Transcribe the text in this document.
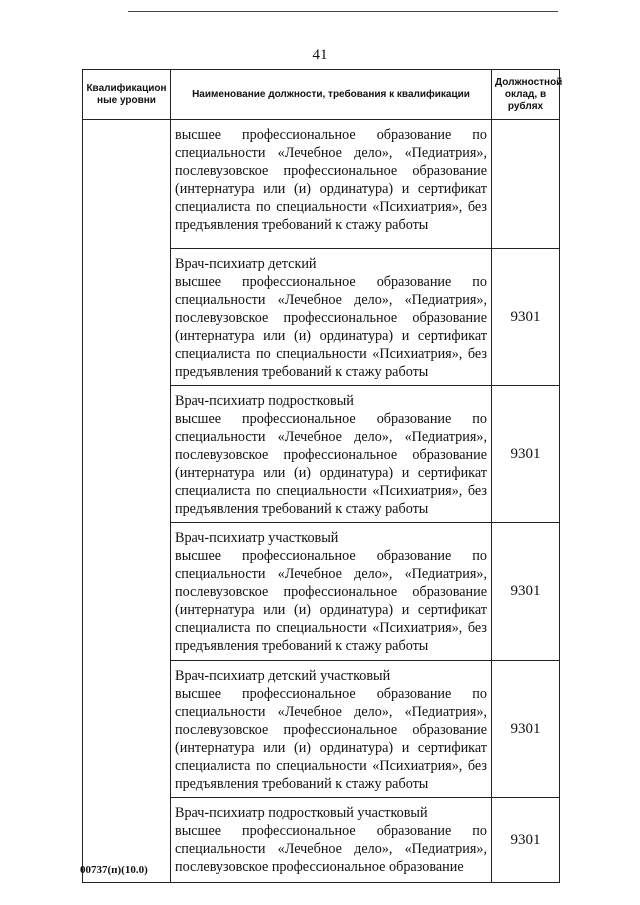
41
Квалификацион ные уровни	Наименование должности, требования к квалификации	Должностной оклад, в рублях

	высшее профессиональное образование по специальности «Лечебное дело», «Педиатрия», послевузовское профессиональное образование (интернатура или (и) ординатура) и сертификат специалиста по специальности «Психиатрия», без предъявления требований к стажу работы	

	Врач-психиатр детский
высшее профессиональное образование по специальности «Лечебное дело», «Педиатрия», послевузовское профессиональное образование (интернатура или (и) ординатура) и сертификат специалиста по специальности «Психиатрия», без предъявления требований к стажу работы	9301

	Врач-психиатр подростковый
высшее профессиональное образование по специальности «Лечебное дело», «Педиатрия», послевузовское профессиональное образование (интернатура или (и) ординатура) и сертификат специалиста по специальности «Психиатрия», без предъявления требований к стажу работы	9301

	Врач-психиатр участковый
высшее профессиональное образование по специальности «Лечебное дело», «Педиатрия», послевузовское профессиональное образование (интернатура или (и) ординатура) и сертификат специалиста по специальности «Психиатрия», без предъявления требований к стажу работы	9301

	Врач-психиатр детский участковый
высшее профессиональное образование по специальности «Лечебное дело», «Педиатрия», послевузовское профессиональное образование (интернатура или (и) ординатура) и сертификат специалиста по специальности «Психиатрия», без предъявления требований к стажу работы	9301

	Врач-психиатр подростковый участковый
высшее профессиональное образование по специальности «Лечебное дело», «Педиатрия», послевузовское профессиональное образование	9301
00737(п)(10.0)
